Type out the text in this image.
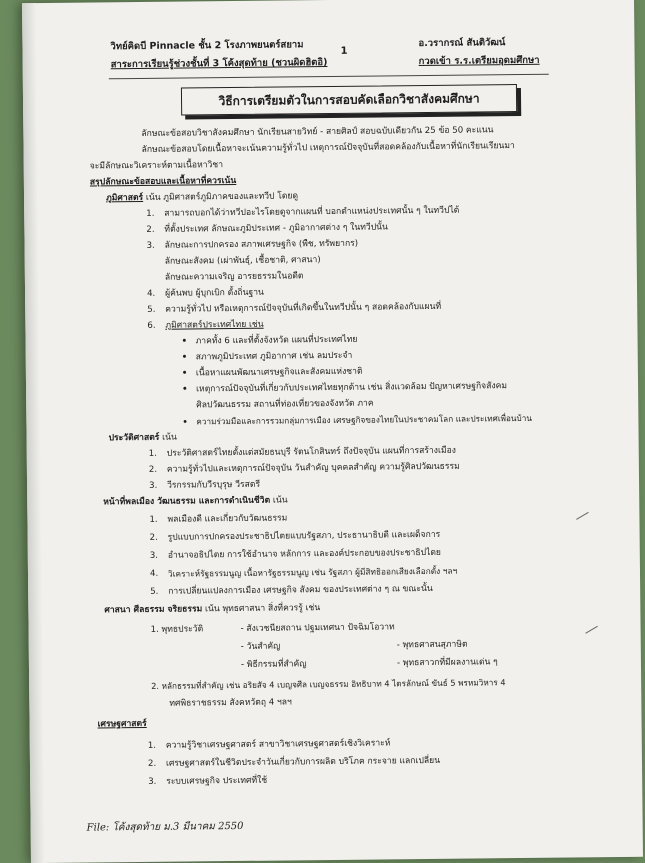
วิทย์คิดบี Pinnacle ชั้น 2 โรงภาพยนตร์สยาม
สาระการเรียนรู้ช่วงชั้นที่ 3 โค้งสุดท้าย (ชวนผิดฮิตอิ)
1
อ.วรากรณ์ สันติวัฒน์
กวดเข้า ร.ร.เตรียมอุดมศึกษา
วิธีการเตรียมตัวในการสอบคัดเลือกวิชาสังคมศึกษา
ลักษณะข้อสอบวิชาสังคมศึกษา นักเรียนสายวิทย์ - สายศิลป์ สอบฉบับเดียวกัน 25 ข้อ 50 คะแนน
ลักษณะข้อสอบโดยเนื้อหาจะเน้นความรู้ทั่วไป เหตุการณ์ปัจจุบันที่สอดคล้องกับเนื้อหาที่นักเรียนเรียนมา
จะมีลักษณะวิเคราะห์ตามเนื้อหาวิชา
สรุปลักษณะข้อสอบและเนื้อหาที่ควรเน้น
ภูมิศาสตร์ เน้น ภูมิศาสตร์ภูมิภาคของและทวีป โดยดู
1. สามารถบอกได้ว่าทวีปอะไรโดยดูจากแผนที่ บอกตำแหน่งประเทศนั้น ๆ ในทวีปได้
2. ที่ตั้งประเทศ ลักษณะภูมิประเทศ - ภูมิอากาศต่าง ๆ ในทวีปนั้น
3. ลักษณะการปกครอง สภาพเศรษฐกิจ (พืช, ทรัพยากร)
ลักษณะสังคม (เผ่าพันธุ์, เชื้อชาติ, ศาสนา)
ลักษณะความเจริญ อารยธรรมในอดีต
4. ผู้ค้นพบ ผู้บุกเบิก ตั้งถิ่นฐาน
5. ความรู้ทั่วไป หรือเหตุการณ์ปัจจุบันที่เกิดขึ้นในทวีปนั้น ๆ สอดคล้องกับแผนที่
6. ภูมิศาสตร์ประเทศไทย เช่น
• ภาคทั้ง 6 และที่ตั้งจังหวัด แผนที่ประเทศไทย
• สภาพภูมิประเทศ ภูมิอากาศ เช่น ลมประจำ
• เนื้อหาแผนพัฒนาเศรษฐกิจและสังคมแห่งชาติ
• เหตุการณ์ปัจจุบันที่เกี่ยวกับประเทศไทยทุกด้าน เช่น สิ่งแวดล้อม ปัญหาเศรษฐกิจสังคม
ศิลปวัฒนธรรม สถานที่ท่องเที่ยวของจังหวัด ภาค
• ความร่วมมือและการรวมกลุ่มการเมือง เศรษฐกิจของไทยในประชาคมโลก และประเทศเพื่อนบ้าน
ประวัติศาสตร์ เน้น
1. ประวัติศาสตร์ไทยตั้งแต่สมัยธนบุรี รัตนโกสินทร์ ถึงปัจจุบัน แผนที่การสร้างเมือง
2. ความรู้ทั่วไปและเหตุการณ์ปัจจุบัน วันสำคัญ บุคคลสำคัญ ความรู้ศิลปวัฒนธรรม
3. วีรกรรมกับวีรบุรุษ วีรสตรี
หน้าที่พลเมือง วัฒนธรรม และการดำเนินชีวิต เน้น
1. พลเมืองดี และเกี่ยวกับวัฒนธรรม
2. รูปแบบการปกครองประชาธิปไตยแบบรัฐสภา, ประธานาธิบดี และเผด็จการ
3. อำนาจอธิปไตย การใช้อำนาจ หลักการ และองค์ประกอบของประชาธิปไตย
4. วิเคราะห์รัฐธรรมนูญ เนื้อหารัฐธรรมนูญ เช่น รัฐสภา ผู้มีสิทธิออกเสียงเลือกตั้ง ฯลฯ
5. การเปลี่ยนแปลงการเมือง เศรษฐกิจ สังคม ของประเทศต่าง ๆ ณ ขณะนั้น
ศาสนา ศีลธรรม จริยธรรม เน้น พุทธศาสนา สิ่งที่ควรรู้ เช่น
1. พุทธประวัติ	- สังเวชนียสถาน ปฐมเทศนา ปัจฉิมโอวาท
- วันสำคัญ
- พิธีกรรมที่สำคัญ
- พุทธศาสนสุภาษิต
- พุทธสาวกที่มีผลงานเด่น ๆ
2. หลักธรรมที่สำคัญ เช่น อริยสัจ 4 เบญจศีล เบญจธรรม อิทธิบาท 4 ไตรลักษณ์ ขันธ์ 5 พรหมวิหาร 4
ทศพิธราชธรรม สังคหวัตถุ 4 ฯลฯ
เศรษฐศาสตร์
1. ความรู้วิชาเศรษฐศาสตร์ สาขาวิชาเศรษฐศาสตร์เชิงวิเคราะห์
2. เศรษฐศาสตร์ในชีวิตประจำวันเกี่ยวกับการผลิต บริโภค กระจาย แลกเปลี่ยน
3. ระบบเศรษฐกิจ ประเทศที่ใช้
File: โค้งสุดท้าย ม.3 มีนาคม 2550
